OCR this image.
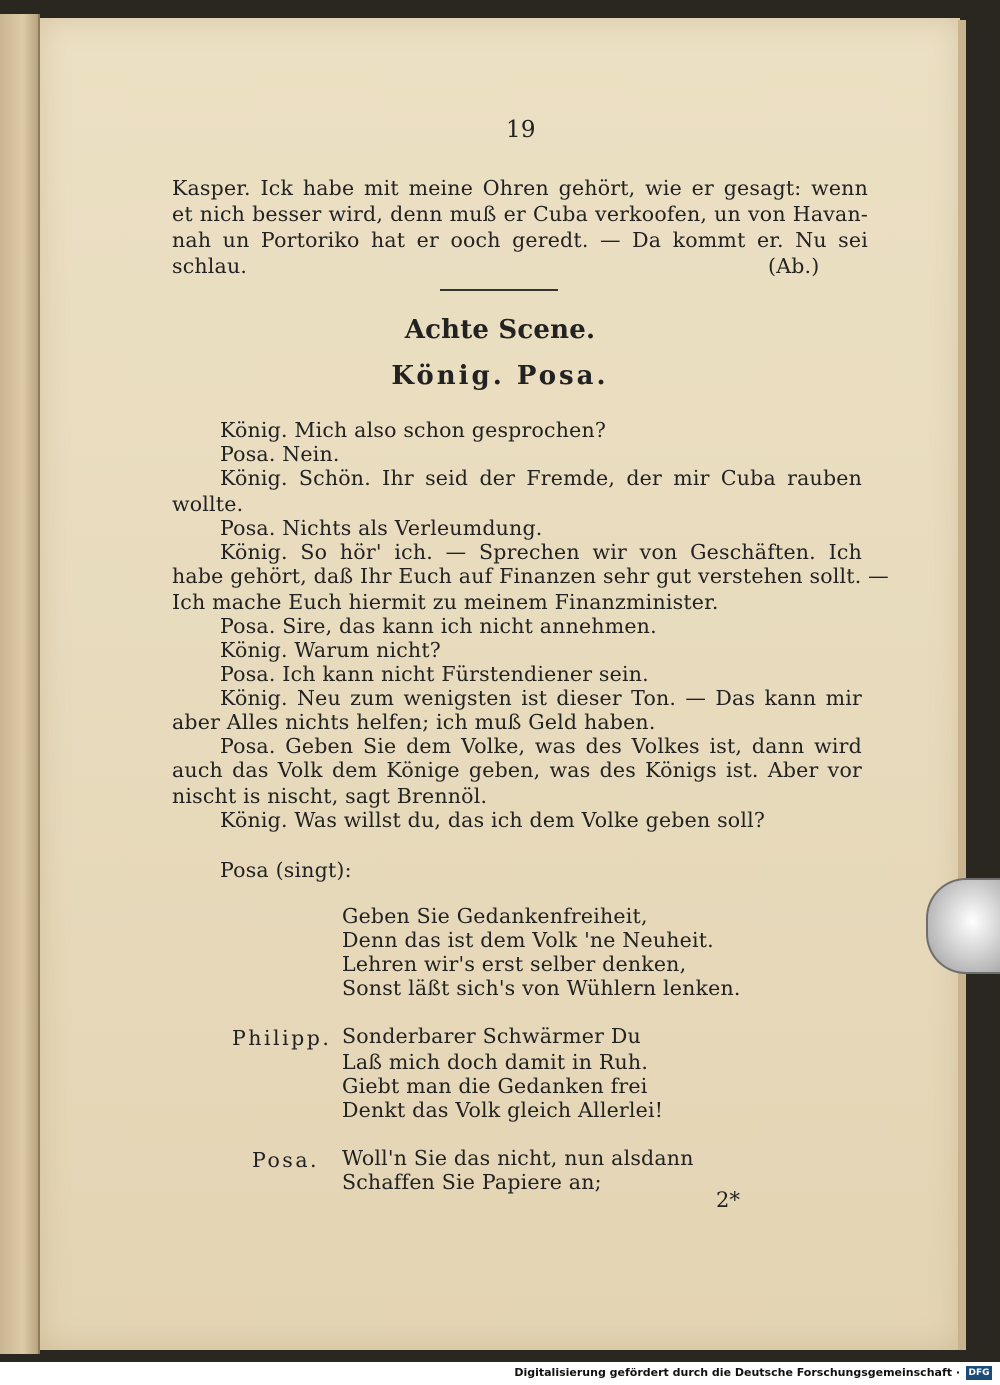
19
Kasper. Ick habe mit meine Ohren gehört, wie er gesagt: wenn
et nich besser wird, denn muß er Cuba verkoofen, un von Havan-
nah un Portoriko hat er ooch geredt. — Da kommt er. Nu sei
schlau.	(Ab.)
Achte Scene.
König. Posa.
König. Mich also schon gesprochen?
Posa. Nein.
König. Schön. Ihr seid der Fremde, der mir Cuba rauben
wollte.
Posa. Nichts als Verleumdung.
König. So hör' ich. — Sprechen wir von Geschäften. Ich
habe gehört, daß Ihr Euch auf Finanzen sehr gut verstehen sollt. —
Ich mache Euch hiermit zu meinem Finanzminister.
Posa. Sire, das kann ich nicht annehmen.
König. Warum nicht?
Posa. Ich kann nicht Fürstendiener sein.
König. Neu zum wenigsten ist dieser Ton. — Das kann mir
aber Alles nichts helfen; ich muß Geld haben.
Posa. Geben Sie dem Volke, was des Volkes ist, dann wird
auch das Volk dem Könige geben, was des Königs ist. Aber vor
nischt is nischt, sagt Brennöl.
König. Was willst du, das ich dem Volke geben soll?
Posa (singt):
Geben Sie Gedankenfreiheit,
Denn das ist dem Volk 'ne Neuheit.
Lehren wir's erst selber denken,
Sonst läßt sich's von Wühlern lenken.
Philipp. Sonderbarer Schwärmer Du
Laß mich doch damit in Ruh.
Giebt man die Gedanken frei
Denkt das Volk gleich Allerlei!
Posa. Woll'n Sie das nicht, nun alsdann
Schaffen Sie Papiere an;
2*
Digitalisierung gefördert durch die Deutsche Forschungsgemeinschaft · DFG
